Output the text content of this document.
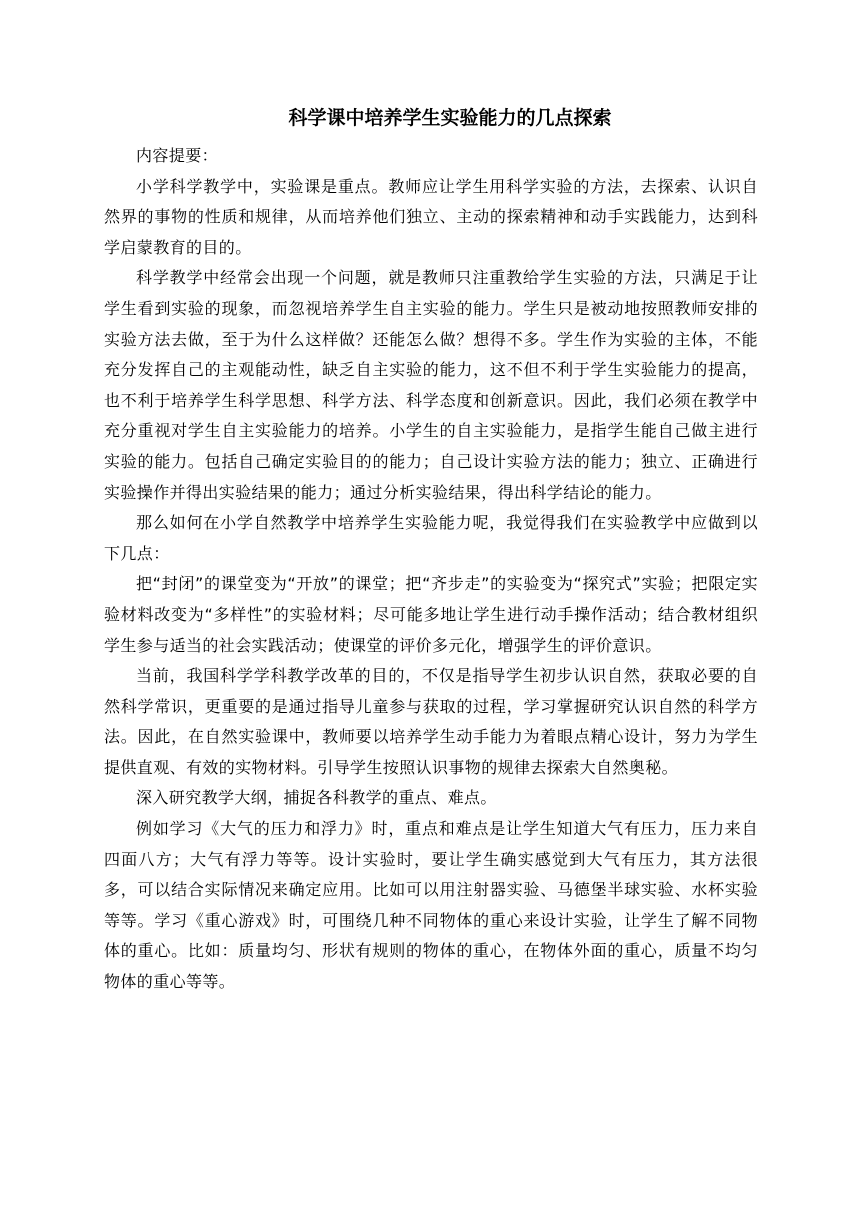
科学课中培养学生实验能力的几点探索

内容提要：

小学科学教学中，实验课是重点。教师应让学生用科学实验的方法，去探索、认识自然界的事物的性质和规律，从而培养他们独立、主动的探索精神和动手实践能力，达到科学启蒙教育的目的。

科学教学中经常会出现一个问题，就是教师只注重教给学生实验的方法，只满足于让学生看到实验的现象，而忽视培养学生自主实验的能力。学生只是被动地按照教师安排的实验方法去做，至于为什么这样做？还能怎么做？想得不多。学生作为实验的主体，不能充分发挥自己的主观能动性，缺乏自主实验的能力，这不但不利于学生实验能力的提高，也不利于培养学生科学思想、科学方法、科学态度和创新意识。因此，我们必须在教学中充分重视对学生自主实验能力的培养。小学生的自主实验能力，是指学生能自己做主进行实验的能力。包括自己确定实验目的的能力；自己设计实验方法的能力；独立、正确进行实验操作并得出实验结果的能力；通过分析实验结果，得出科学结论的能力。

那么如何在小学自然教学中培养学生实验能力呢，我觉得我们在实验教学中应做到以下几点：

把“封闭”的课堂变为“开放”的课堂；把“齐步走”的实验变为“探究式”实验；把限定实验材料改变为“多样性”的实验材料；尽可能多地让学生进行动手操作活动；结合教材组织学生参与适当的社会实践活动；使课堂的评价多元化，增强学生的评价意识。

当前，我国科学学科教学改革的目的，不仅是指导学生初步认识自然，获取必要的自然科学常识，更重要的是通过指导儿童参与获取的过程，学习掌握研究认识自然的科学方法。因此，在自然实验课中，教师要以培养学生动手能力为着眼点精心设计，努力为学生提供直观、有效的实物材料。引导学生按照认识事物的规律去探索大自然奥秘。

深入研究教学大纲，捕捉各科教学的重点、难点。

例如学习《大气的压力和浮力》时，重点和难点是让学生知道大气有压力，压力来自四面八方；大气有浮力等等。设计实验时，要让学生确实感觉到大气有压力，其方法很多，可以结合实际情况来确定应用。比如可以用注射器实验、马德堡半球实验、水杯实验等等。学习《重心游戏》时，可围绕几种不同物体的重心来设计实验，让学生了解不同物体的重心。比如：质量均匀、形状有规则的物体的重心，在物体外面的重心，质量不均匀物体的重心等等。
